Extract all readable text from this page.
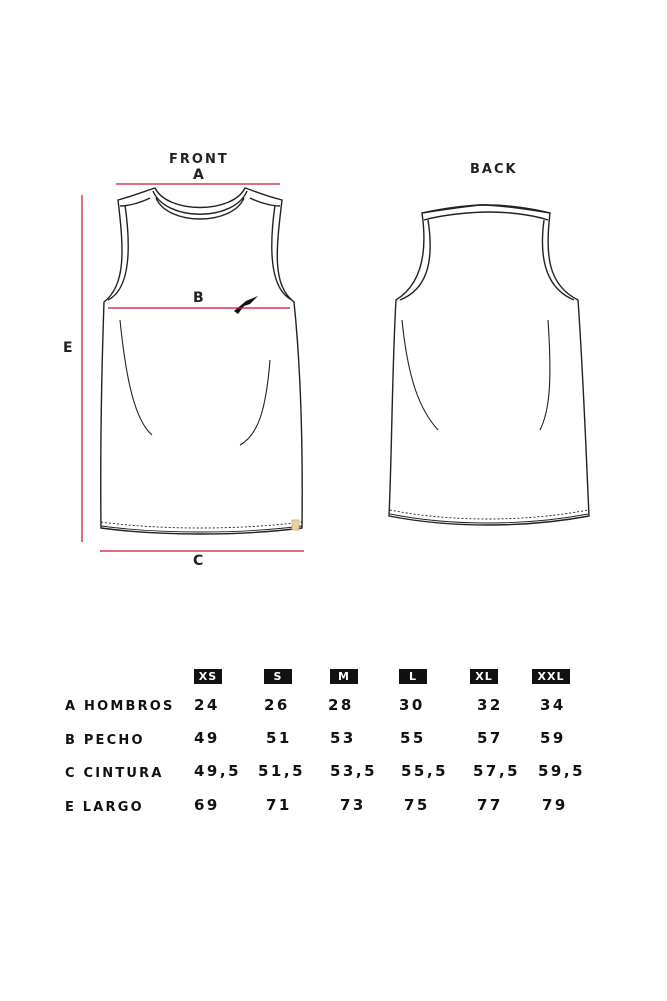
FRONT
BACK
A
B
C
E
XS	S	M	L	XL	XXL
A HOMBROS 24	26	28	30	32 34
B PECHO	49	51	53	55	57 59
C CINTURA 49,5 51,5 53,5 55,5 57,5 59,5
E LARGO	69	71	73	75	77	79
